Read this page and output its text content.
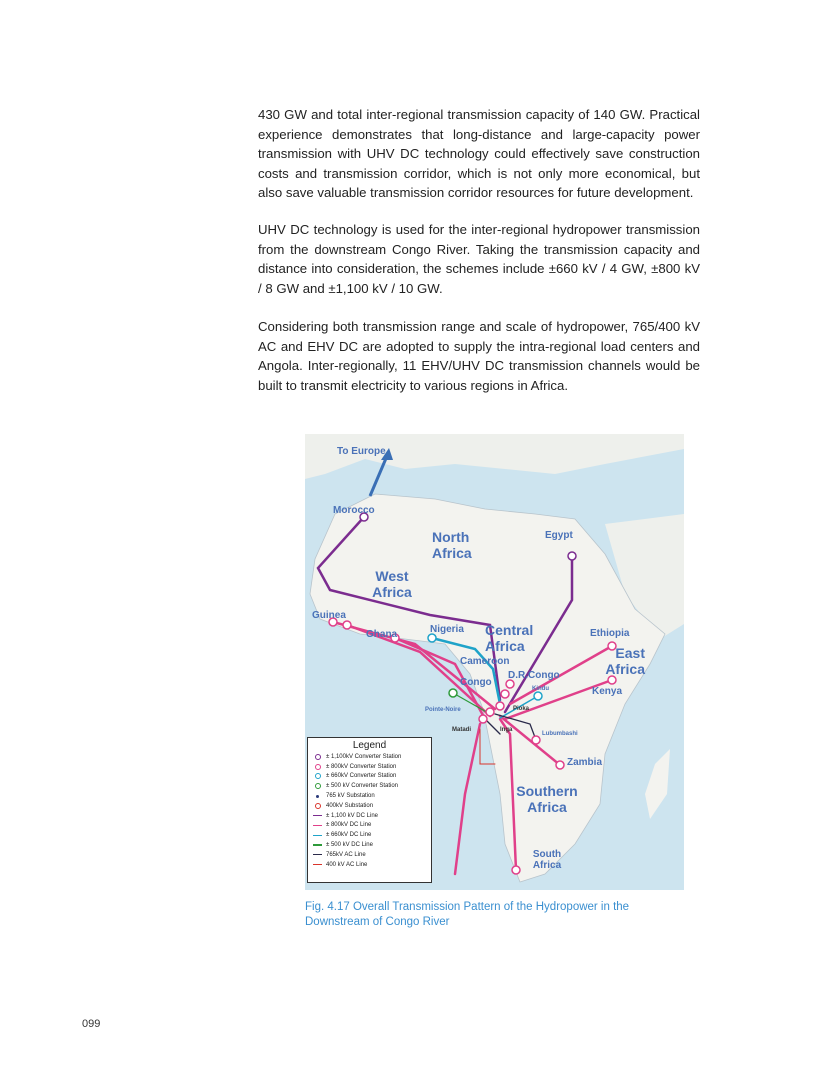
430 GW and total inter-regional transmission capacity of 140 GW. Practical experience demonstrates that long-distance and large-capacity power transmission with UHV DC technology could effectively save construction costs and transmission corridor, which is not only more economical, but also save valuable transmission corridor resources for future development.

UHV DC technology is used for the inter-regional hydropower transmission from the downstream Congo River. Taking the transmission capacity and distance into consideration, the schemes include ±660 kV / 4 GW, ±800 kV / 8 GW and ±1,100 kV / 10 GW.

Considering both transmission range and scale of hydropower, 765/400 kV AC and EHV DC are adopted to supply the intra-regional load centers and Angola. Inter-regionally, 11 EHV/UHV DC transmission channels would be built to transmit electricity to various regions in Africa.

To Europe
Morocco
North Africa
Egypt
West Africa
Guinea
Ghana	Nigeria Central Africa
Cameroon
Congo
D.R.Congo
Ethiopia
East Africa
Kenya
Zambia
Southern Africa
South Africa
Kindu
Pointe-Noire
Matadi	Inga
Pioka
Lubumbashi
Legend
± 1,100kV Converter Station
± 800kV Converter Station
± 660kV Converter Station
± 500 kV Converter Station
765 kV Substation
400kV Substation
± 1,100 kV DC Line
± 800kV DC Line
± 660kV DC Line
± 500 kV DC Line
765kV AC Line
400 kV AC Line
Fig. 4.17 Overall Transmission Pattern of the Hydropower in the Downstream of Congo River
099
